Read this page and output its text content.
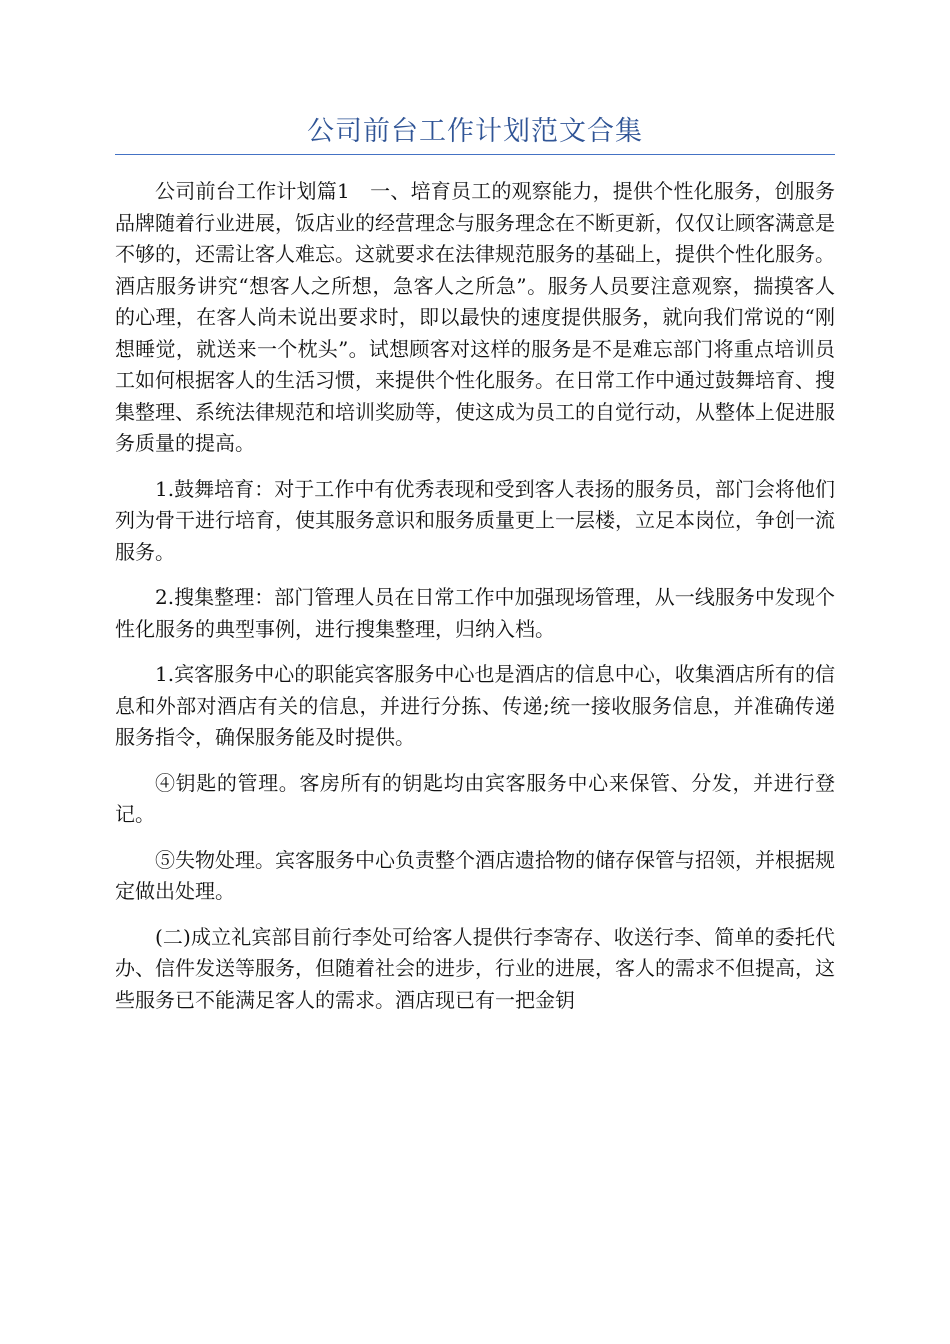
公司前台工作计划范文合集

公司前台工作计划篇1　一、培育员工的观察能力，提供个性化服务，创服务品牌随着行业进展，饭店业的经营理念与服务理念在不断更新，仅仅让顾客满意是不够的，还需让客人难忘。这就要求在法律规范服务的基础上，提供个性化服务。酒店服务讲究“想客人之所想，急客人之所急”。服务人员要注意观察，揣摸客人的心理，在客人尚未说出要求时，即以最快的速度提供服务，就向我们常说的“刚想睡觉，就送来一个枕头”。试想顾客对这样的服务是不是难忘部门将重点培训员工如何根据客人的生活习惯，来提供个性化服务。在日常工作中通过鼓舞培育、搜集整理、系统法律规范和培训奖励等，使这成为员工的自觉行动，从整体上促进服务质量的提高。

1.鼓舞培育：对于工作中有优秀表现和受到客人表扬的服务员，部门会将他们列为骨干进行培育，使其服务意识和服务质量更上一层楼，立足本岗位，争创一流服务。

2.搜集整理：部门管理人员在日常工作中加强现场管理，从一线服务中发现个性化服务的典型事例，进行搜集整理，归纳入档。

1.宾客服务中心的职能宾客服务中心也是酒店的信息中心，收集酒店所有的信息和外部对酒店有关的信息，并进行分拣、传递;统一接收服务信息，并准确传递服务指令，确保服务能及时提供。

④钥匙的管理。客房所有的钥匙均由宾客服务中心来保管、分发，并进行登记。

⑤失物处理。宾客服务中心负责整个酒店遗拾物的储存保管与招领，并根据规定做出处理。

(二)成立礼宾部目前行李处可给客人提供行李寄存、收送行李、简单的委托代办、信件发送等服务，但随着社会的进步，行业的进展，客人的需求不但提高，这些服务已不能满足客人的需求。酒店现已有一把金钥
